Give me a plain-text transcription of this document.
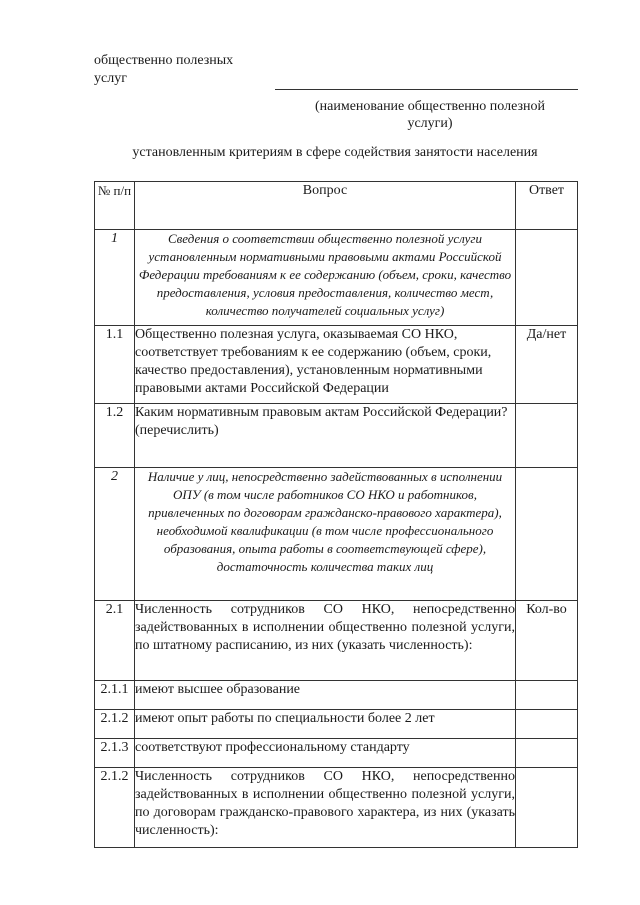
общественно полезных услуг
(наименование общественно полезной услуги)
установленным критериям в сфере содействия занятости населения
№ п/п	Вопрос	Ответ
1	Сведения о соответствии общественно полезной услуги установленным нормативными правовыми актами Российской Федерации требованиям к ее содержанию (объем, сроки, качество предоставления, условия предоставления, количество мест, количество получателей социальных услуг)	
1.1	Общественно полезная услуга, оказываемая СО НКО, соответствует требованиям к ее содержанию (объем, сроки, качество предоставления), установленным нормативными правовыми актами Российской Федерации	Да/нет
1.2	Каким нормативным правовым актам Российской Федерации? (перечислить)	
2	Наличие у лиц, непосредственно задействованных в исполнении ОПУ (в том числе работников СО НКО и работников, привлеченных по договорам гражданско-правового характера), необходимой квалификации (в том числе профессионального образования, опыта работы в соответствующей сфере), достаточность количества таких лиц	
2.1	Численность сотрудников СО НКО, непосредственно задействованных в исполнении общественно полезной услуги, по штатному расписанию, из них (указать численность):	Кол-во
2.1.1	имеют высшее образование	
2.1.2	имеют опыт работы по специальности более 2 лет	
2.1.3	соответствуют профессиональному стандарту	
2.1.2	Численность сотрудников СО НКО, непосредственно задействованных в исполнении общественно полезной услуги, по договорам гражданско-правового характера, из них (указать численность):	
